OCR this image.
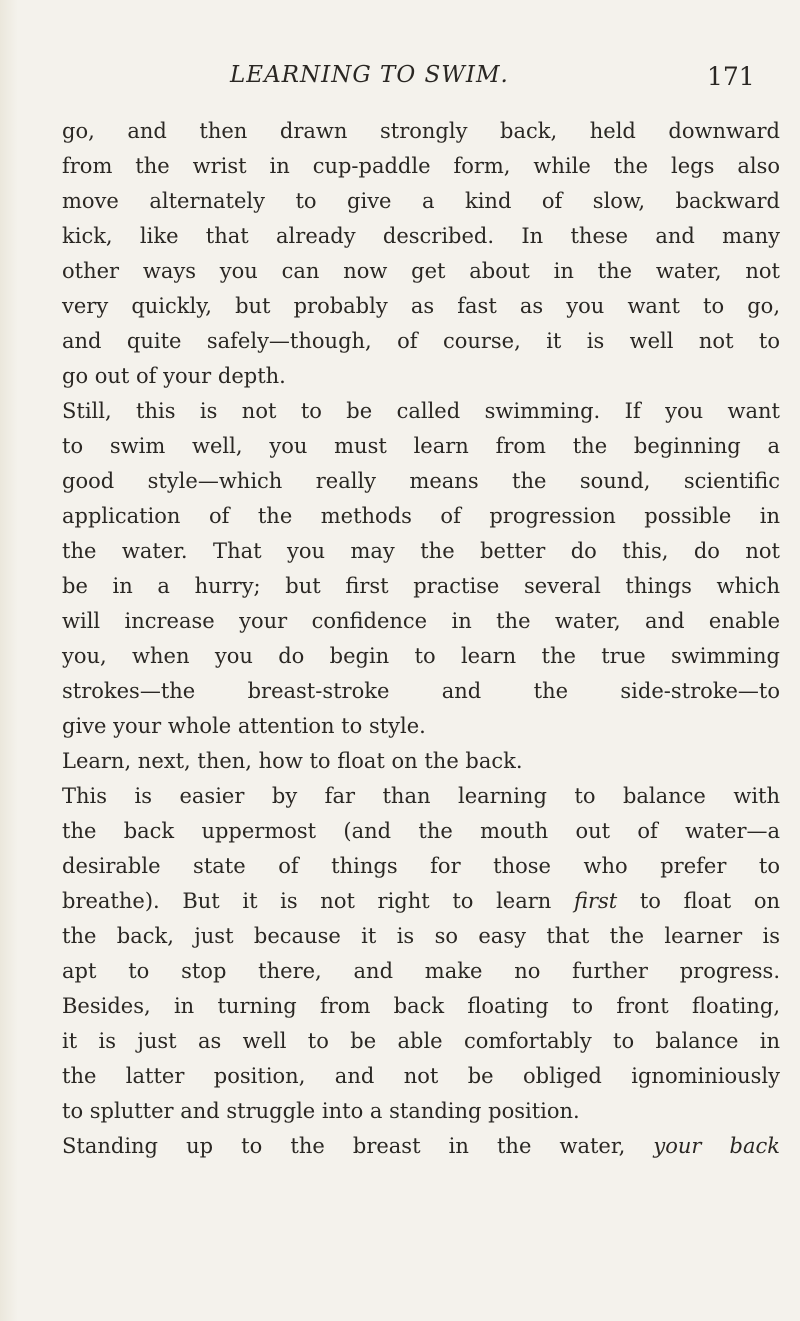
LEARNING TO SWIM.	171
go, and then drawn strongly back, held downward
from the wrist in cup-paddle form, while the legs also
move alternately to give a kind of slow, backward
kick, like that already described. In these and many
other ways you can now get about in the water, not
very quickly, but probably as fast as you want to go,
and quite safely—though, of course, it is well not to
go out of your depth.
Still, this is not to be called swimming. If you want
to swim well, you must learn from the beginning a
good style—which really means the sound, scientific
application of the methods of progression possible in
the water. That you may the better do this, do not
be in a hurry; but first practise several things which
will increase your confidence in the water, and enable
you, when you do begin to learn the true swimming
strokes—the breast-stroke and the side-stroke—to
give your whole attention to style.
Learn, next, then, how to float on the back.
This is easier by far than learning to balance with
the back uppermost (and the mouth out of water—a
desirable state of things for those who prefer to
breathe). But it is not right to learn first to float on
the back, just because it is so easy that the learner is
apt to stop there, and make no further progress.
Besides, in turning from back floating to front floating,
it is just as well to be able comfortably to balance in
the latter position, and not be obliged ignominiously
to splutter and struggle into a standing position.
Standing up to the breast in the water, your back
